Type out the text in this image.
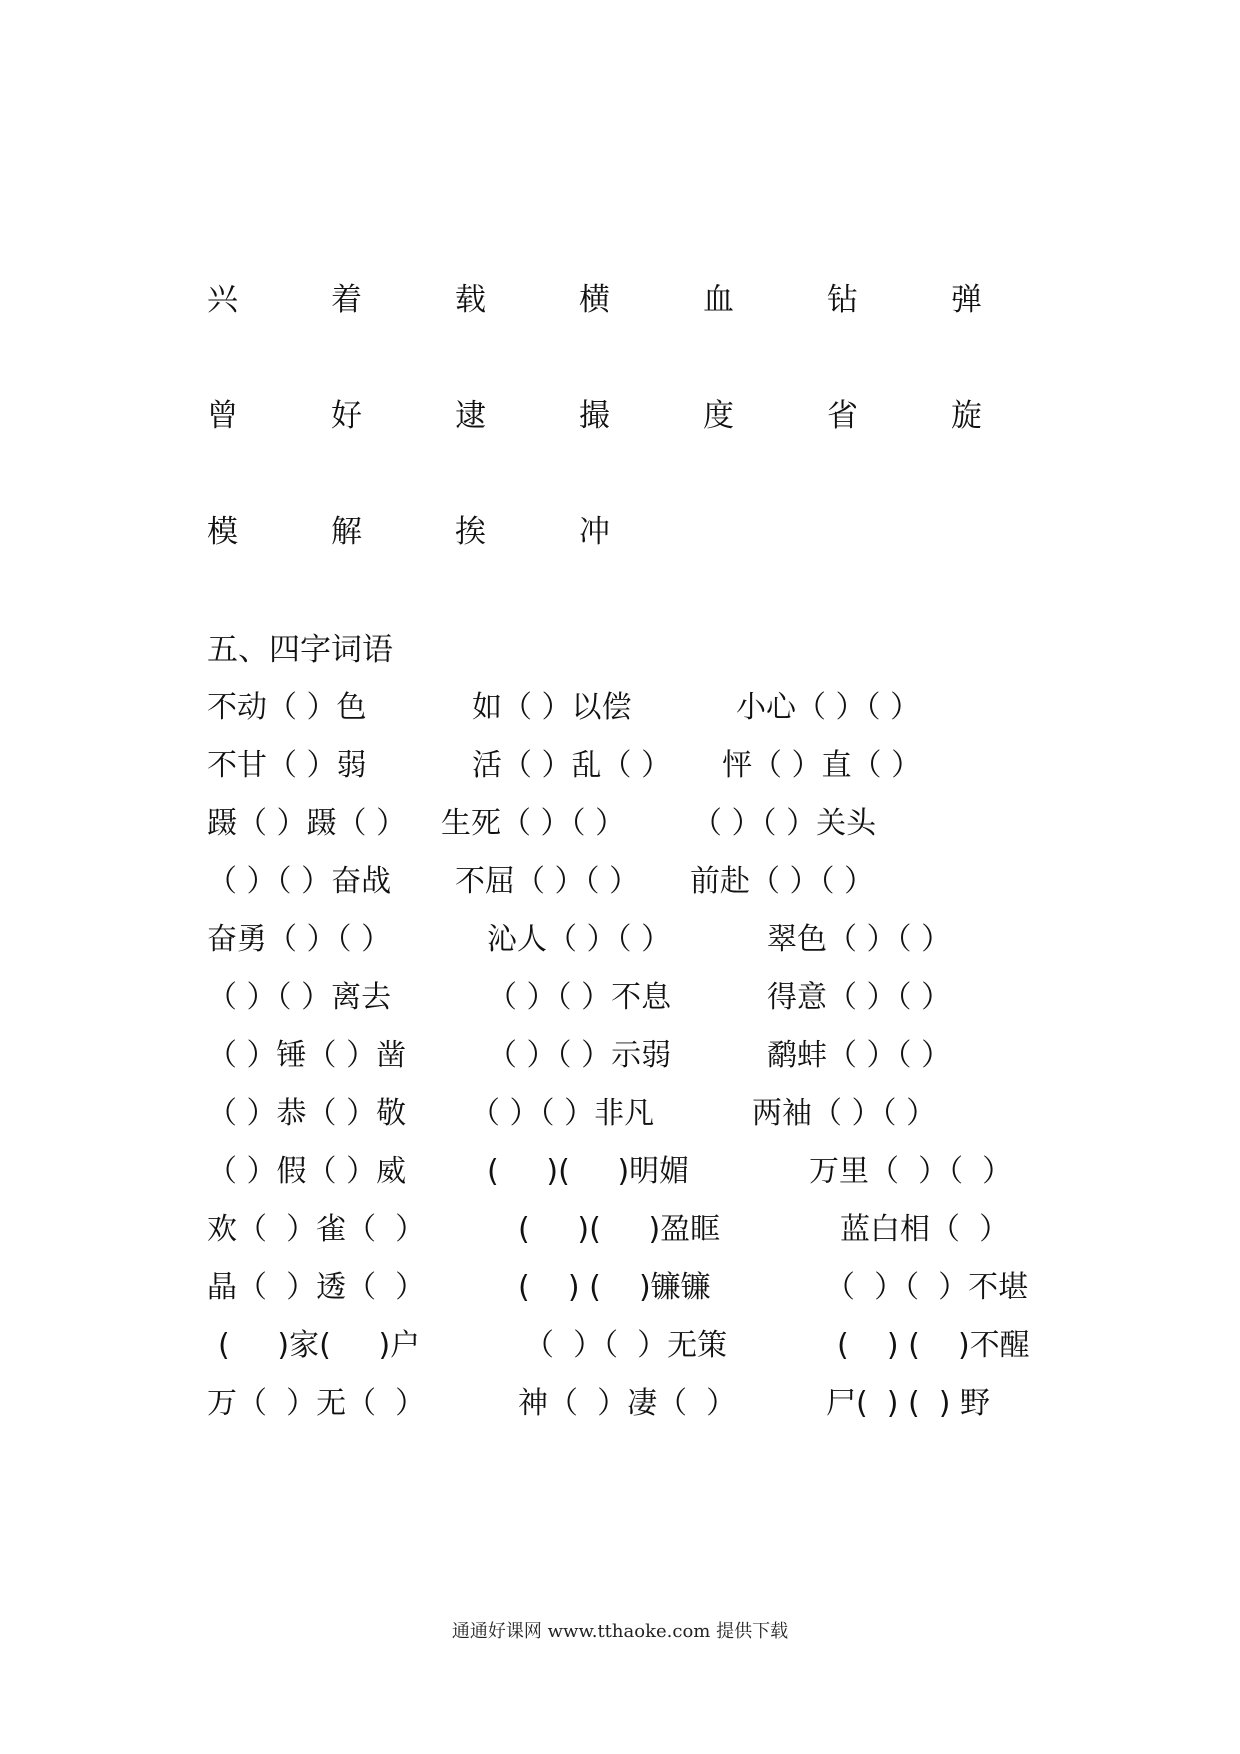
兴	着	载	横	血	钻	弹
曾	好	逮	撮	度	省	旋
模	解	挨	冲
五、四字词语
不动（ ）色	如（ ）以偿	小心（ ）（ ）
不甘（ ）弱	活（ ）乱（ ） 怦（ ）直（ ）
蹑（ ）蹑（ ） 生死（ ）（ ） （ ）（ ）关头
（ ）（ ）奋战 不屈（ ）（ ） 前赴（ ）（ ）
奋勇（ ）（ ）	沁人（ ）（ ）	翠色（ ）（ ）
（ ）（ ）离去	（ ）（ ）不息	得意（ ）（ ）
（ ）锤（ ）凿	（ ）（ ）示弱	鹬蚌（ ）（ ）
（ ）恭（ ）敬 （ ）（ ）非凡	两袖（ ）（ ）
（ ）假（ ）威	(     )(     )明媚	万里（  ）（  ）
欢（  ）雀（  ）	(     )(     )盈眶	蓝白相（  ）
晶（  ）透（  ）	(    ) (    )镰镰	（  ）（  ）不堪
(     )家(     )户	（  ）（  ）无策	(    ) (    )不醒
万（  ）无（  ）	神（  ）凄（  ）	尸(  ) (  ) 野
通通好课网 www.tthaoke.com 提供下载
